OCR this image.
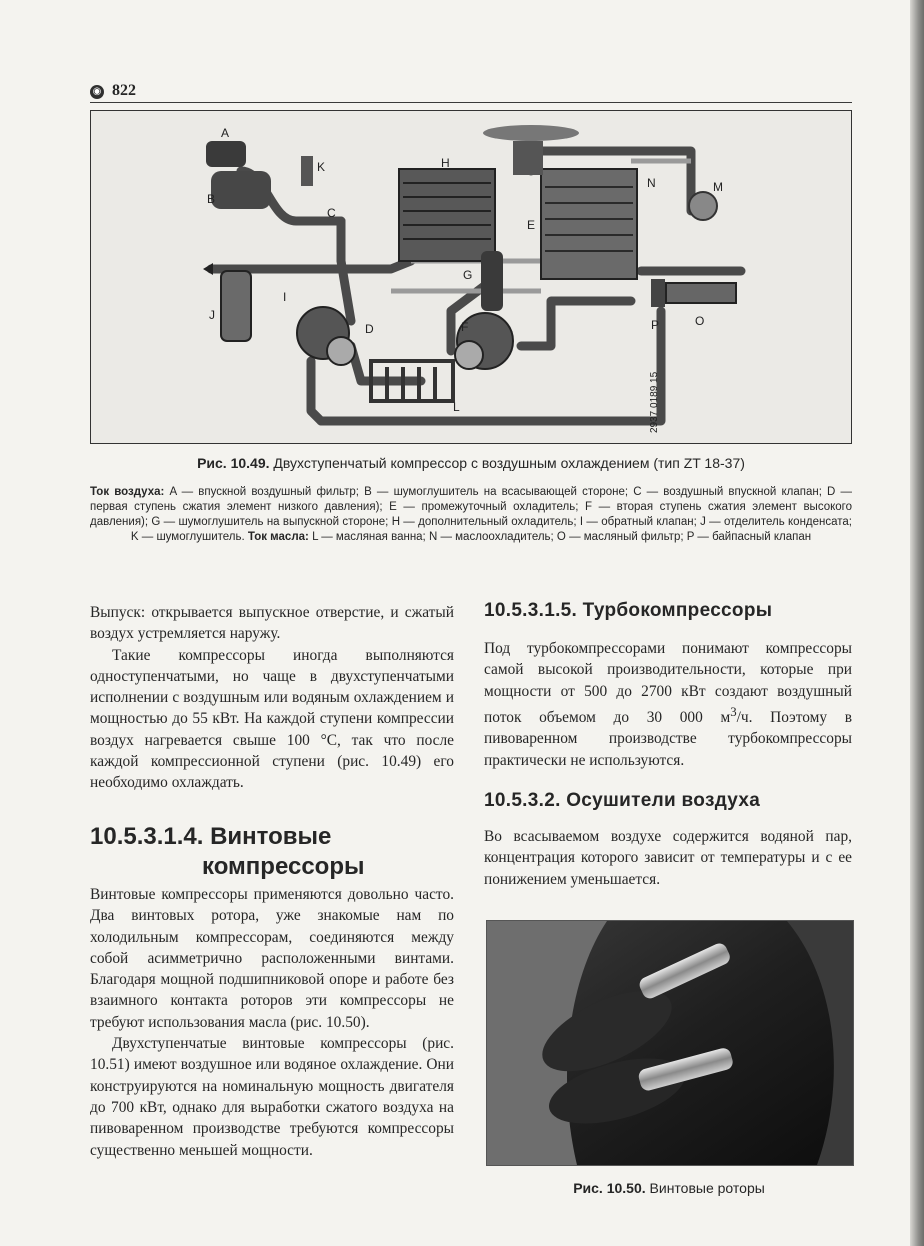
◉ 822
A
B
C
D
E
F
G
H
I
J
K
L
M
N
O
P
2937 0189 15
Рис. 10.49. Двухступенчатый компрессор с воздушным охлаждением (тип ZT 18-37)
Ток воздуха: A — впускной воздушный фильтр; B — шумоглушитель на всасывающей стороне; C — воздушный впускной клапан; D — первая ступень сжатия элемент низкого давления); E — промежуточный охладитель; F — вторая ступень сжатия элемент высокого давления); G — шумоглушитель на выпускной стороне; H — дополнительный охладитель; I — обратный клапан; J — отделитель конденсата; K — шумоглушитель. Ток масла: L — масляная ванна; N — маслоохладитель; O — масляный фильтр; P — байпасный клапан

Выпуск: открывается выпускное отверстие, и сжатый воздух устремляется наружу.

Такие компрессоры иногда выполняются одноступенчатыми, но чаще в двухступенчатыми исполнении с воздушным или водяным охлаждением и мощностью до 55 кВт. На каждой ступени компрессии воздух нагревается свыше 100 °С, так что после каждой компрессионной ступени (рис. 10.49) его необходимо охлаждать.

10.5.3.1.4. Винтовые
компрессоры

Винтовые компрессоры применяются довольно часто. Два винтовых ротора, уже знакомые нам по холодильным компрессорам, соединяются между собой асимметрично расположенными винтами. Благодаря мощной подшипниковой опоре и работе без взаимного контакта роторов эти компрессоры не требуют использования масла (рис. 10.50).

Двухступенчатые винтовые компрессоры (рис. 10.51) имеют воздушное или водяное охлаждение. Они конструируются на номинальную мощность двигателя до 700 кВт, однако для выработки сжатого воздуха на пивоваренном производстве требуются компрессоры существенно меньшей мощности.

10.5.3.1.5. Турбокомпрессоры

Под турбокомпрессорами понимают компрессоры самой высокой производительности, которые при мощности от 500 до 2700 кВт создают воздушный поток объемом до 30 000 $м^3/ч$. Поэтому в пивоваренном производстве турбокомпрессоры практически не используются.

10.5.3.2. Осушители воздуха

Во всасываемом воздухе содержится водяной пар, концентрация которого зависит от температуры и с ее понижением уменьшается.

Рис. 10.50. Винтовые роторы
